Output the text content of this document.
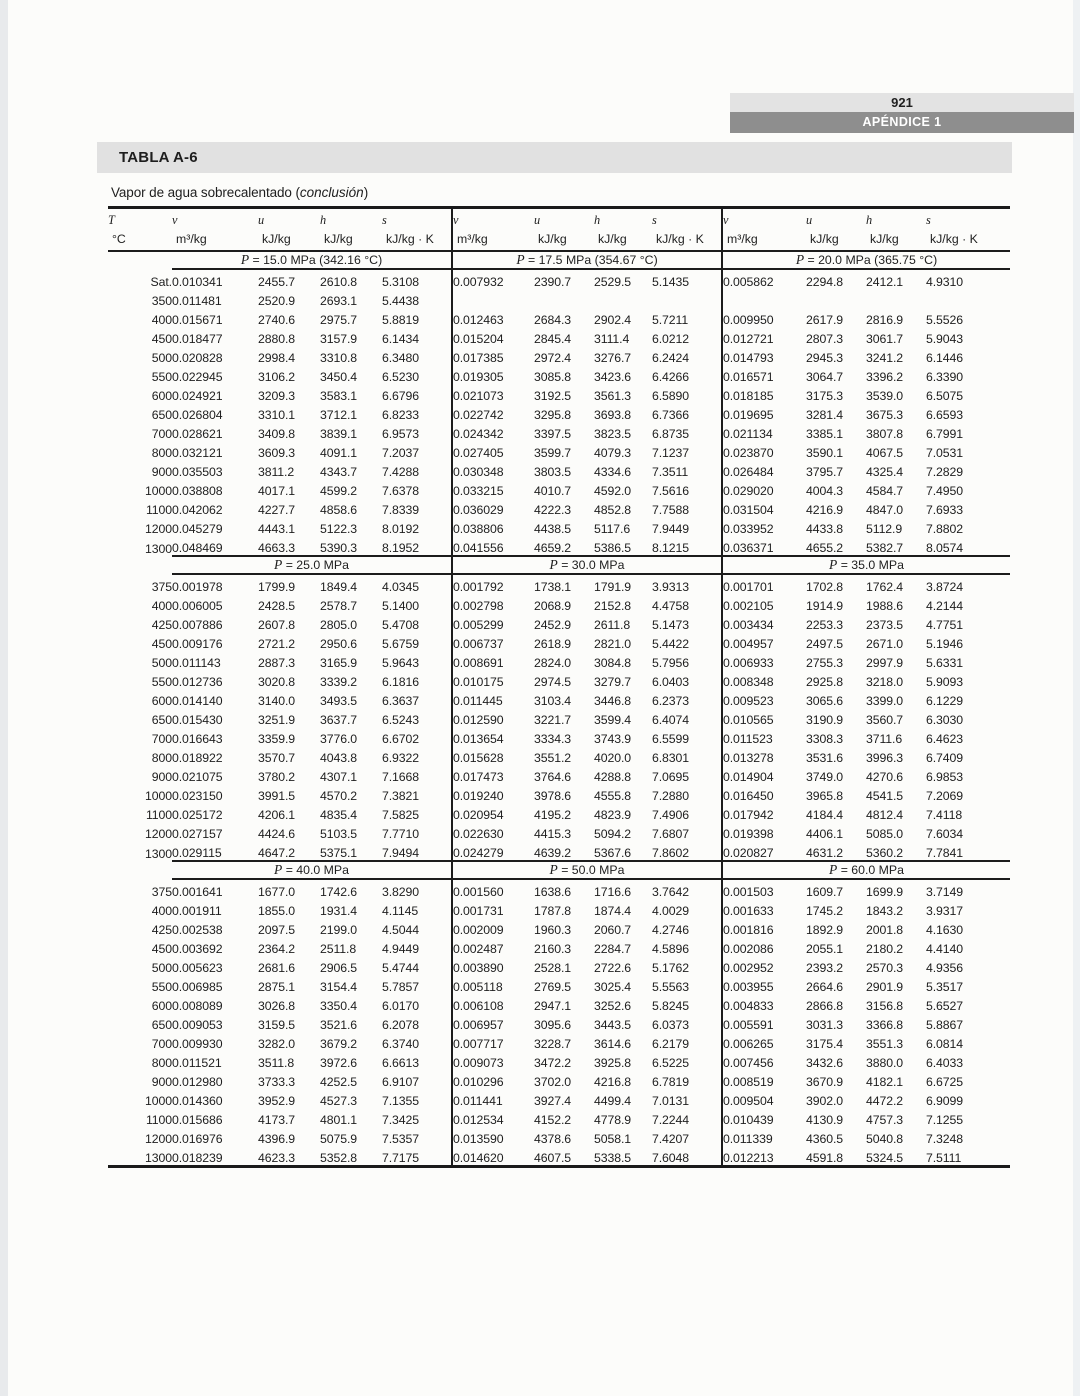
921
APÉNDICE 1
TABLA A-6
Vapor de agua sobrecalentado (conclusión)
T	v	u	h	s	v	u	h	s	v	u	h	s
°C	m³/kg	kJ/kg	kJ/kg	kJ/kg · K	m³/kg	kJ/kg	kJ/kg	kJ/kg · K	m³/kg	kJ/kg	kJ/kg	kJ/kg · K
	P = 15.0 MPa (342.16 °C)				P = 17.5 MPa (354.67 °C)				P = 20.0 MPa (365.75 °C)			
Sat.	0.010341	2455.7	2610.8	5.3108	0.007932	2390.7	2529.5	5.1435	0.005862	2294.8	2412.1	4.9310
350	0.011481	2520.9	2693.1	5.4438								
400	0.015671	2740.6	2975.7	5.8819	0.012463	2684.3	2902.4	5.7211	0.009950	2617.9	2816.9	5.5526
450	0.018477	2880.8	3157.9	6.1434	0.015204	2845.4	3111.4	6.0212	0.012721	2807.3	3061.7	5.9043
500	0.020828	2998.4	3310.8	6.3480	0.017385	2972.4	3276.7	6.2424	0.014793	2945.3	3241.2	6.1446
550	0.022945	3106.2	3450.4	6.5230	0.019305	3085.8	3423.6	6.4266	0.016571	3064.7	3396.2	6.3390
600	0.024921	3209.3	3583.1	6.6796	0.021073	3192.5	3561.3	6.5890	0.018185	3175.3	3539.0	6.5075
650	0.026804	3310.1	3712.1	6.8233	0.022742	3295.8	3693.8	6.7366	0.019695	3281.4	3675.3	6.6593
700	0.028621	3409.8	3839.1	6.9573	0.024342	3397.5	3823.5	6.8735	0.021134	3385.1	3807.8	6.7991
800	0.032121	3609.3	4091.1	7.2037	0.027405	3599.7	4079.3	7.1237	0.023870	3590.1	4067.5	7.0531
900	0.035503	3811.2	4343.7	7.4288	0.030348	3803.5	4334.6	7.3511	0.026484	3795.7	4325.4	7.2829
1000	0.038808	4017.1	4599.2	7.6378	0.033215	4010.7	4592.0	7.5616	0.029020	4004.3	4584.7	7.4950
1100	0.042062	4227.7	4858.6	7.8339	0.036029	4222.3	4852.8	7.7588	0.031504	4216.9	4847.0	7.6933
1200	0.045279	4443.1	5122.3	8.0192	0.038806	4438.5	5117.6	7.9449	0.033952	4433.8	5112.9	7.8802
1300	0.048469	4663.3	5390.3	8.1952	0.041556	4659.2	5386.5	8.1215	0.036371	4655.2	5382.7	8.0574
	P = 25.0 MPa				P = 30.0 MPa				P = 35.0 MPa			
375	0.001978	1799.9	1849.4	4.0345	0.001792	1738.1	1791.9	3.9313	0.001701	1702.8	1762.4	3.8724
400	0.006005	2428.5	2578.7	5.1400	0.002798	2068.9	2152.8	4.4758	0.002105	1914.9	1988.6	4.2144
425	0.007886	2607.8	2805.0	5.4708	0.005299	2452.9	2611.8	5.1473	0.003434	2253.3	2373.5	4.7751
450	0.009176	2721.2	2950.6	5.6759	0.006737	2618.9	2821.0	5.4422	0.004957	2497.5	2671.0	5.1946
500	0.011143	2887.3	3165.9	5.9643	0.008691	2824.0	3084.8	5.7956	0.006933	2755.3	2997.9	5.6331
550	0.012736	3020.8	3339.2	6.1816	0.010175	2974.5	3279.7	6.0403	0.008348	2925.8	3218.0	5.9093
600	0.014140	3140.0	3493.5	6.3637	0.011445	3103.4	3446.8	6.2373	0.009523	3065.6	3399.0	6.1229
650	0.015430	3251.9	3637.7	6.5243	0.012590	3221.7	3599.4	6.4074	0.010565	3190.9	3560.7	6.3030
700	0.016643	3359.9	3776.0	6.6702	0.013654	3334.3	3743.9	6.5599	0.011523	3308.3	3711.6	6.4623
800	0.018922	3570.7	4043.8	6.9322	0.015628	3551.2	4020.0	6.8301	0.013278	3531.6	3996.3	6.7409
900	0.021075	3780.2	4307.1	7.1668	0.017473	3764.6	4288.8	7.0695	0.014904	3749.0	4270.6	6.9853
1000	0.023150	3991.5	4570.2	7.3821	0.019240	3978.6	4555.8	7.2880	0.016450	3965.8	4541.5	7.2069
1100	0.025172	4206.1	4835.4	7.5825	0.020954	4195.2	4823.9	7.4906	0.017942	4184.4	4812.4	7.4118
1200	0.027157	4424.6	5103.5	7.7710	0.022630	4415.3	5094.2	7.6807	0.019398	4406.1	5085.0	7.6034
1300	0.029115	4647.2	5375.1	7.9494	0.024279	4639.2	5367.6	7.8602	0.020827	4631.2	5360.2	7.7841
	P = 40.0 MPa				P = 50.0 MPa				P = 60.0 MPa			
375	0.001641	1677.0	1742.6	3.8290	0.001560	1638.6	1716.6	3.7642	0.001503	1609.7	1699.9	3.7149
400	0.001911	1855.0	1931.4	4.1145	0.001731	1787.8	1874.4	4.0029	0.001633	1745.2	1843.2	3.9317
425	0.002538	2097.5	2199.0	4.5044	0.002009	1960.3	2060.7	4.2746	0.001816	1892.9	2001.8	4.1630
450	0.003692	2364.2	2511.8	4.9449	0.002487	2160.3	2284.7	4.5896	0.002086	2055.1	2180.2	4.4140
500	0.005623	2681.6	2906.5	5.4744	0.003890	2528.1	2722.6	5.1762	0.002952	2393.2	2570.3	4.9356
550	0.006985	2875.1	3154.4	5.7857	0.005118	2769.5	3025.4	5.5563	0.003955	2664.6	2901.9	5.3517
600	0.008089	3026.8	3350.4	6.0170	0.006108	2947.1	3252.6	5.8245	0.004833	2866.8	3156.8	5.6527
650	0.009053	3159.5	3521.6	6.2078	0.006957	3095.6	3443.5	6.0373	0.005591	3031.3	3366.8	5.8867
700	0.009930	3282.0	3679.2	6.3740	0.007717	3228.7	3614.6	6.2179	0.006265	3175.4	3551.3	6.0814
800	0.011521	3511.8	3972.6	6.6613	0.009073	3472.2	3925.8	6.5225	0.007456	3432.6	3880.0	6.4033
900	0.012980	3733.3	4252.5	6.9107	0.010296	3702.0	4216.8	6.7819	0.008519	3670.9	4182.1	6.6725
1000	0.014360	3952.9	4527.3	7.1355	0.011441	3927.4	4499.4	7.0131	0.009504	3902.0	4472.2	6.9099
1100	0.015686	4173.7	4801.1	7.3425	0.012534	4152.2	4778.9	7.2244	0.010439	4130.9	4757.3	7.1255
1200	0.016976	4396.9	5075.9	7.5357	0.013590	4378.6	5058.1	7.4207	0.011339	4360.5	5040.8	7.3248
1300	0.018239	4623.3	5352.8	7.7175	0.014620	4607.5	5338.5	7.6048	0.012213	4591.8	5324.5	7.5111
